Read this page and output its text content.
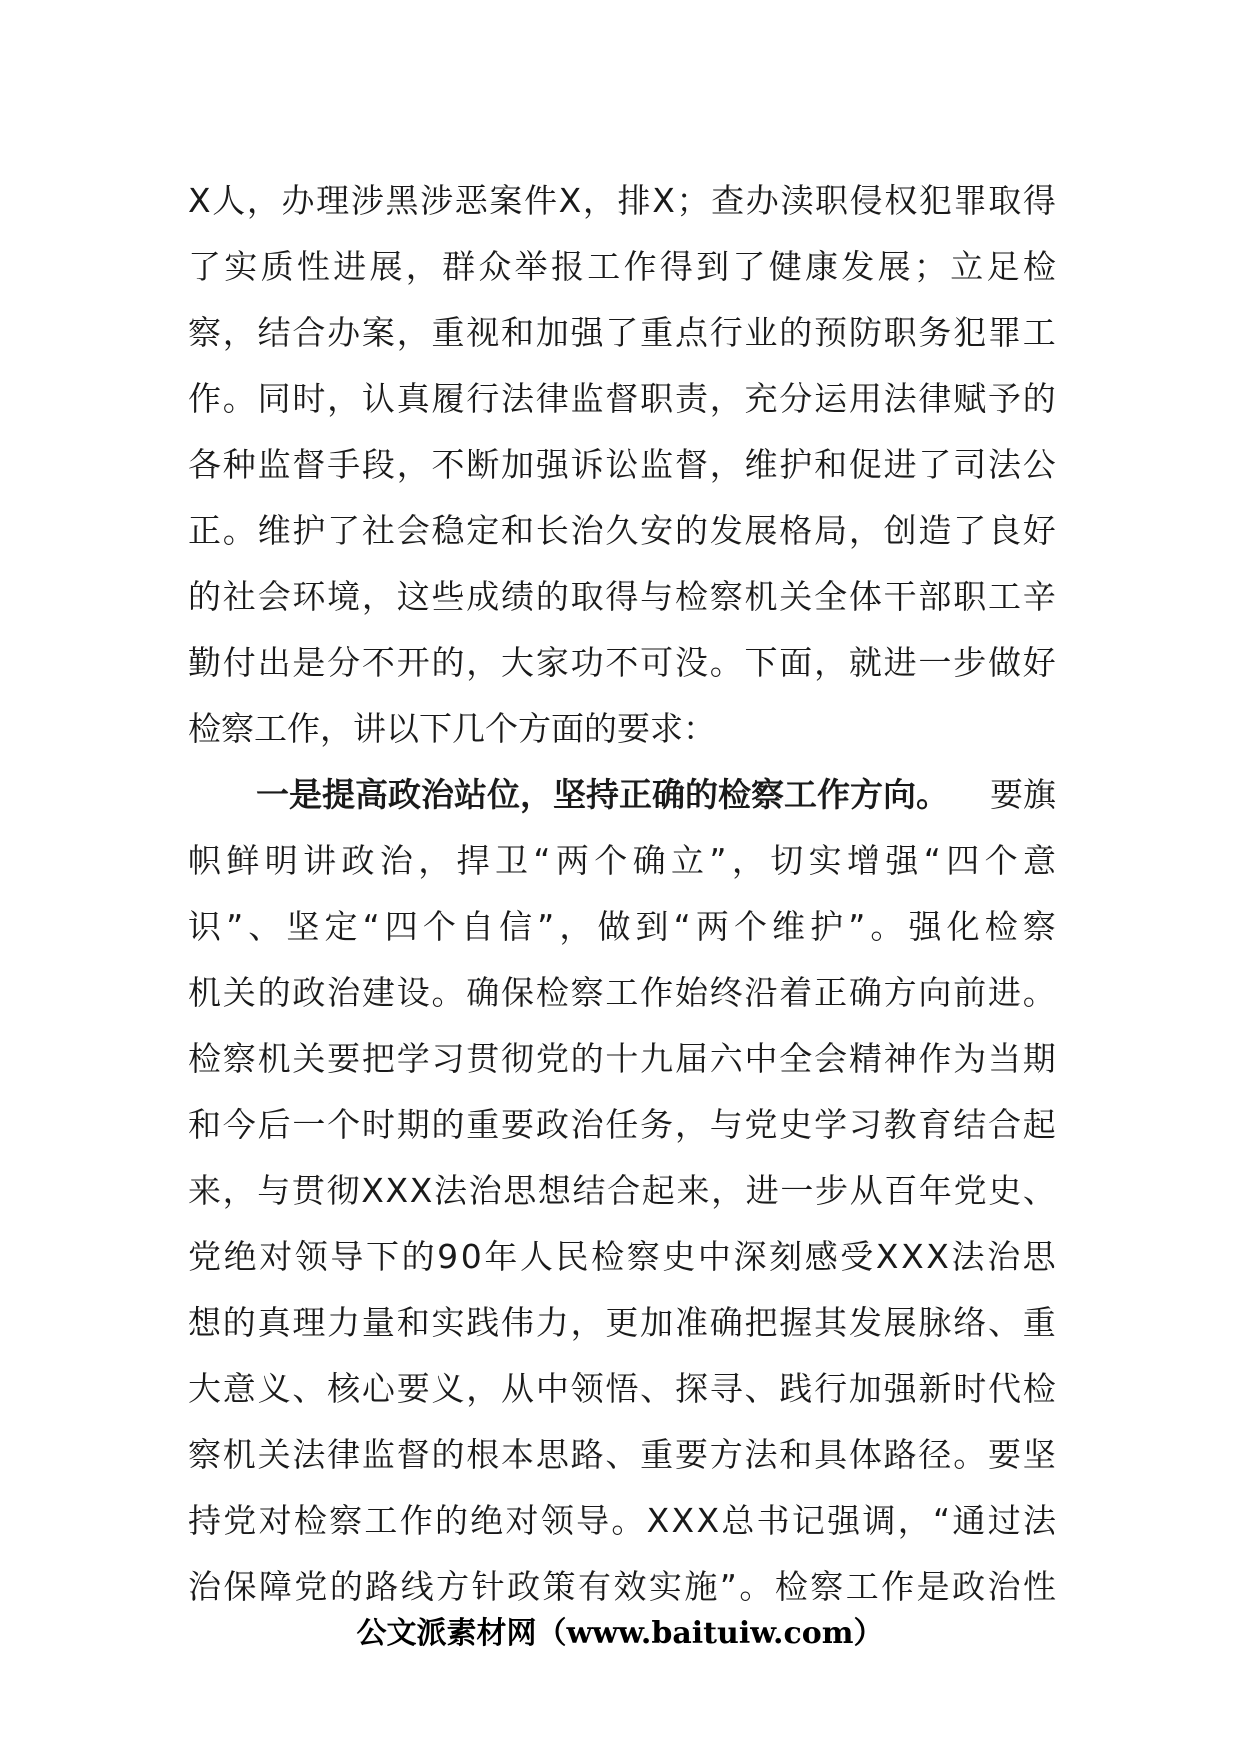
X 人 ， 办 理 涉 黑 涉 恶 案 件 X ， 排 X ； 查 办 渎 职 侵 权 犯 罪 取 得
了 实 质 性 进 展 ， 群 众 举 报 工 作 得 到 了 健 康 发 展 ； 立 足 检
察 ， 结 合 办 案 ， 重 视 和 加 强 了 重 点 行 业 的 预 防 职 务 犯 罪 工
作 。 同 时 ， 认 真 履 行 法 律 监 督 职 责 ， 充 分 运 用 法 律 赋 予 的
各 种 监 督 手 段 ， 不 断 加 强 诉 讼 监 督 ， 维 护 和 促 进 了 司 法 公
正 。 维 护 了 社 会 稳 定 和 长 治 久 安 的 发 展 格 局 ， 创 造 了 良 好
的 社 会 环 境 ， 这 些 成 绩 的 取 得 与 检 察 机 关 全 体 干 部 职 工 辛
勤 付 出 是 分 不 开 的 ， 大 家 功 不 可 没 。 下 面 ， 就 进 一 步 做 好
检察工作，讲以下几个方面的要求：
一是提高政治站位，坚持正确的检察工作方向。 要旗
帜 鲜 明 讲 政 治 ， 捍 卫 “ 两 个 确 立 ” ， 切 实 增 强 “ 四 个 意
识 ” 、 坚 定 “ 四 个 自 信 ” ， 做 到 “ 两 个 维 护 ” 。 强 化 检 察
机 关 的 政 治 建 设 。 确 保 检 察 工 作 始 终 沿 着 正 确 方 向 前 进 。
检 察 机 关 要 把 学 习 贯 彻 党 的 十 九 届 六 中 全 会 精 神 作 为 当 期
和 今 后 一 个 时 期 的 重 要 政 治 任 务 ， 与 党 史 学 习 教 育 结 合 起
来 ， 与 贯 彻 X X X 法 治 思 想 结 合 起 来 ， 进 一 步 从 百 年 党 史 、
党 绝 对 领 导 下 的 9 0 年 人 民 检 察 史 中 深 刻 感 受 X X X 法 治 思
想 的 真 理 力 量 和 实 践 伟 力 ， 更 加 准 确 把 握 其 发 展 脉 络 、 重
大 意 义 、 核 心 要 义 ， 从 中 领 悟 、 探 寻 、 践 行 加 强 新 时 代 检
察 机 关 法 律 监 督 的 根 本 思 路 、 重 要 方 法 和 具 体 路 径 。 要 坚
持 党 对 检 察 工 作 的 绝 对 领 导 。 X X X 总 书 记 强 调 ， “ 通 过 法
治 保 障 党 的 路 线 方 针 政 策 有 效 实 施 ” 。 检 察 工 作 是 政 治 性
公文派素材网（www.baituiw.com）
